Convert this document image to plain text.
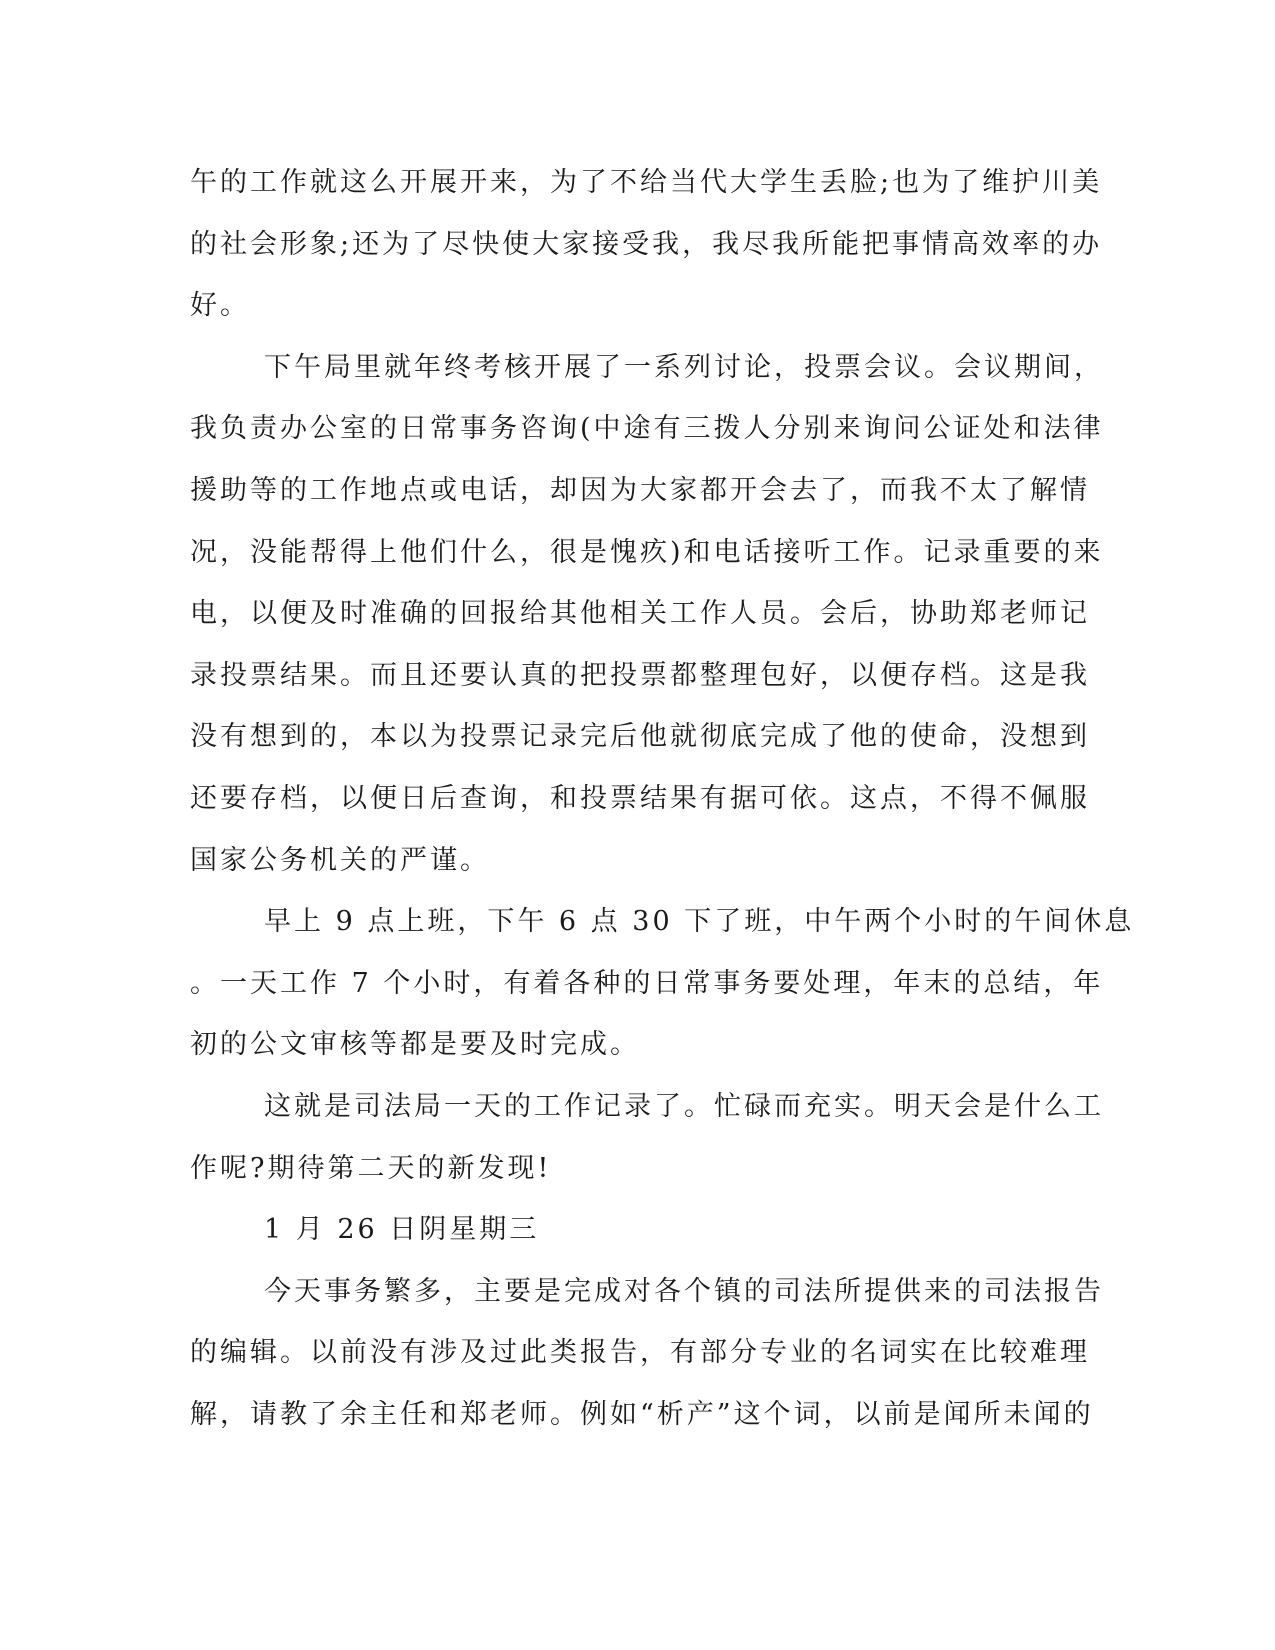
午的工作就这么开展开来，为了不给当代大学生丢脸;也为了维护川美

的社会形象;还为了尽快使大家接受我，我尽我所能把事情高效率的办

好。

下午局里就年终考核开展了一系列讨论，投票会议。会议期间，

我负责办公室的日常事务咨询(中途有三拨人分别来询问公证处和法律

援助等的工作地点或电话，却因为大家都开会去了，而我不太了解情

况，没能帮得上他们什么，很是愧疚)和电话接听工作。记录重要的来

电，以便及时准确的回报给其他相关工作人员。会后，协助郑老师记

录投票结果。而且还要认真的把投票都整理包好，以便存档。这是我

没有想到的，本以为投票记录完后他就彻底完成了他的使命，没想到

还要存档，以便日后查询，和投票结果有据可依。这点，不得不佩服

国家公务机关的严谨。

早上 9 点上班，下午 6 点 30 下了班，中午两个小时的午间休息

。一天工作 7 个小时，有着各种的日常事务要处理，年末的总结，年

初的公文审核等都是要及时完成。

这就是司法局一天的工作记录了。忙碌而充实。明天会是什么工

作呢?期待第二天的新发现!

1 月 26 日阴星期三

今天事务繁多，主要是完成对各个镇的司法所提供来的司法报告

的编辑。以前没有涉及过此类报告，有部分专业的名词实在比较难理

解，请教了余主任和郑老师。例如“析产”这个词，以前是闻所未闻的
